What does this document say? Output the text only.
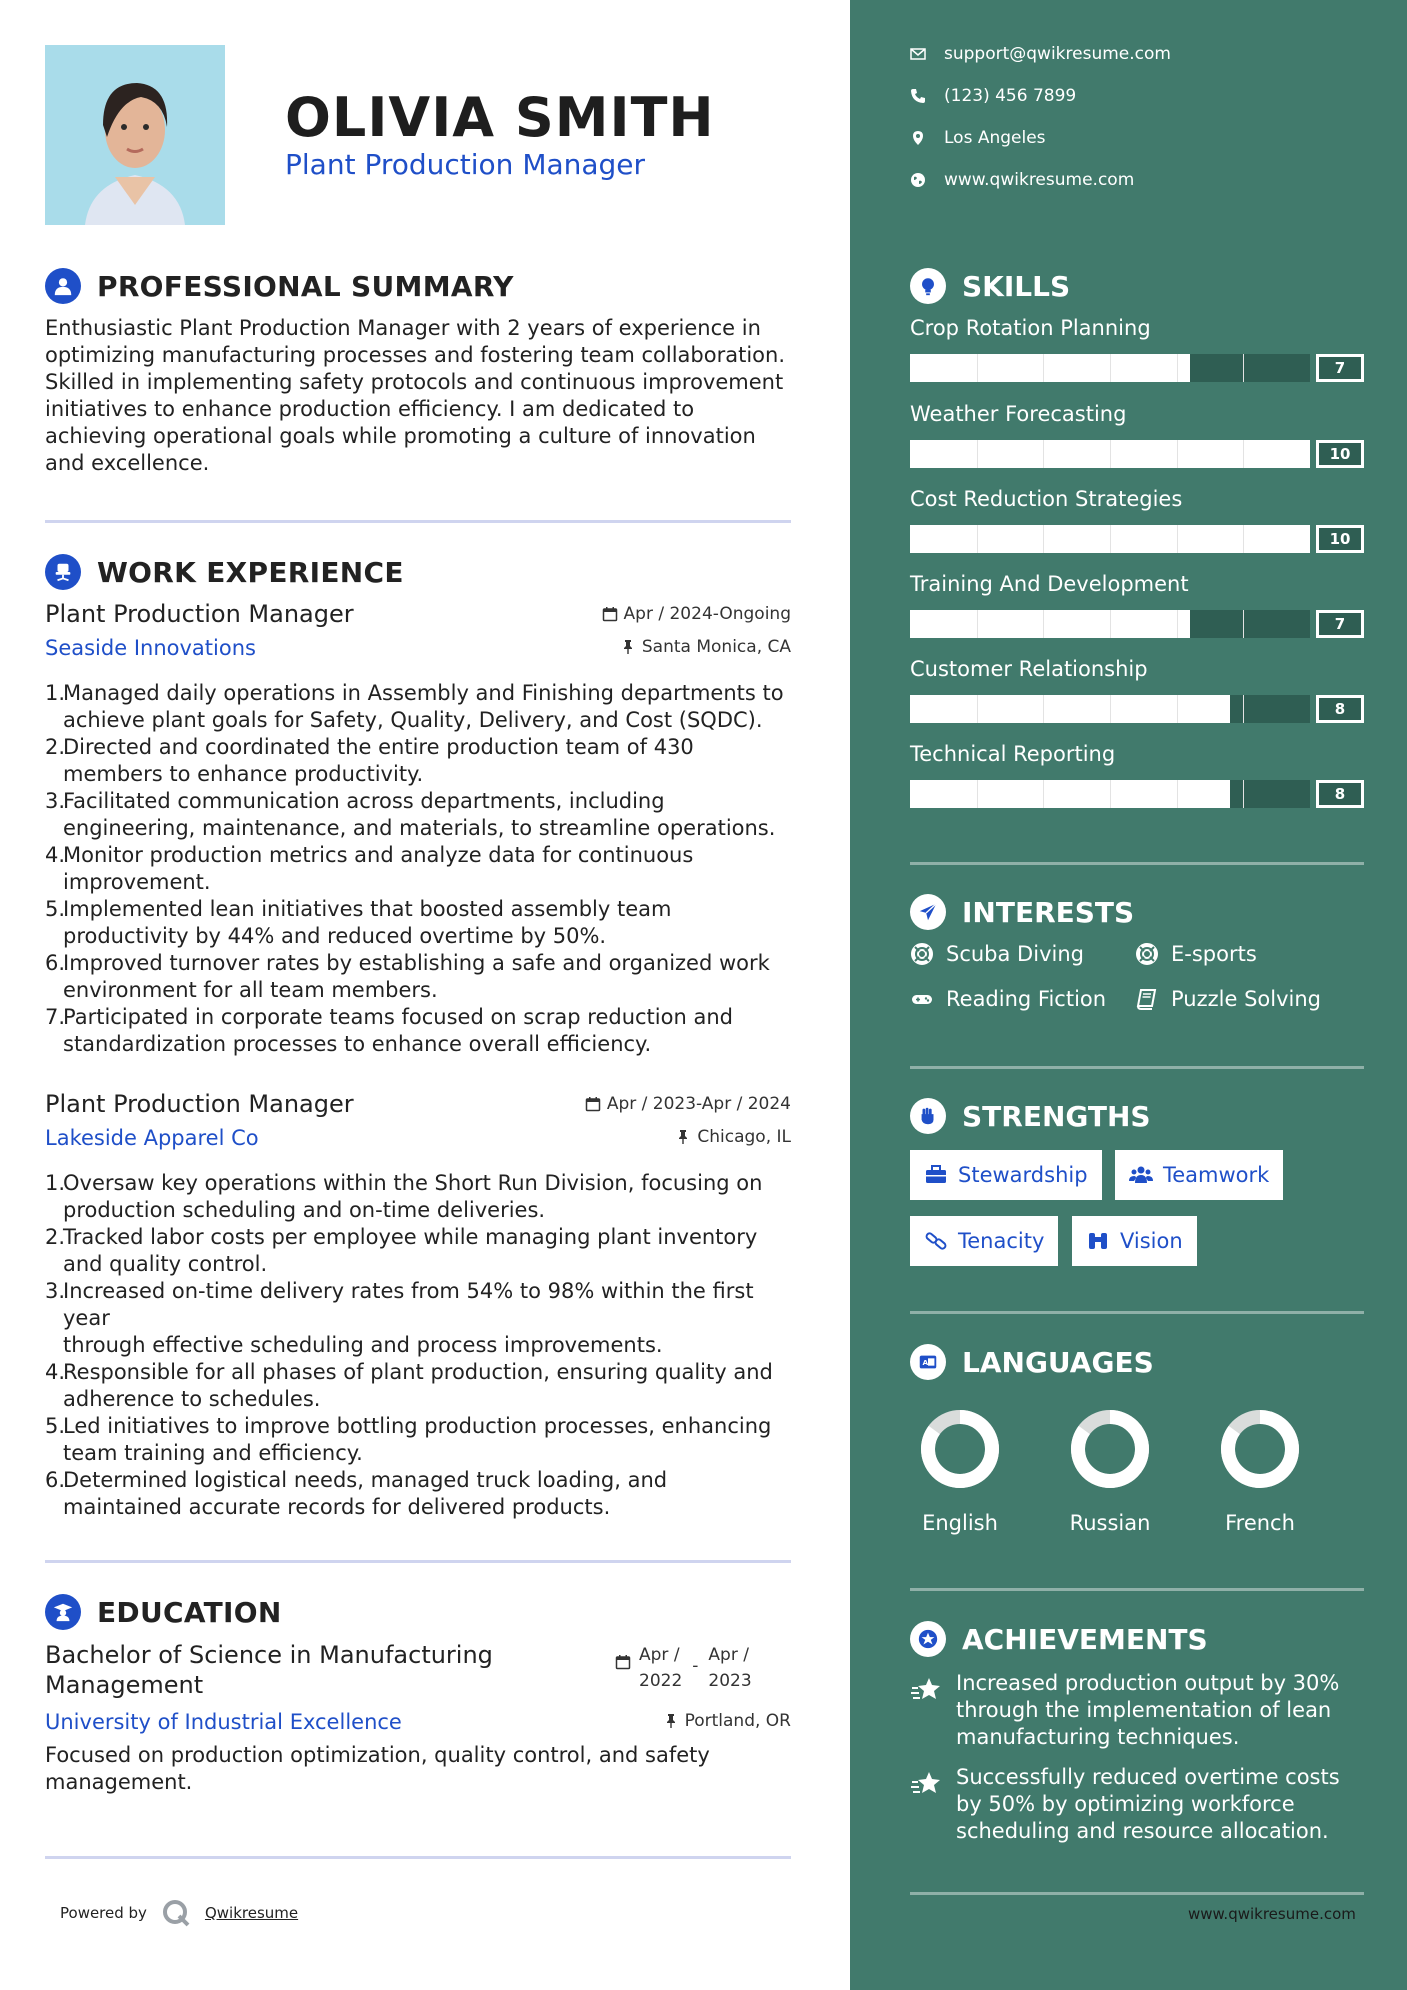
OLIVIA SMITH
Plant Production Manager
PROFESSIONAL SUMMARY
Enthusiastic Plant Production Manager with 2 years of experience in
optimizing manufacturing processes and fostering team collaboration.
Skilled in implementing safety protocols and continuous improvement
initiatives to enhance production efficiency. I am dedicated to
achieving operational goals while promoting a culture of innovation
and excellence.
WORK EXPERIENCE
Plant Production Manager	Apr / 2024-Ongoing
Seaside Innovations	Santa Monica, CA
1.
Managed daily operations in Assembly and Finishing departments to
achieve plant goals for Safety, Quality, Delivery, and Cost (SQDC).
2.
Directed and coordinated the entire production team of 430
members to enhance productivity.
3.
Facilitated communication across departments, including
engineering, maintenance, and materials, to streamline operations.
4.
Monitor production metrics and analyze data for continuous
improvement.
5.
Implemented lean initiatives that boosted assembly team
productivity by 44% and reduced overtime by 50%.
6.
Improved turnover rates by establishing a safe and organized work
environment for all team members.
7.
Participated in corporate teams focused on scrap reduction and
standardization processes to enhance overall efficiency.
Plant Production Manager	Apr / 2023-Apr / 2024
Lakeside Apparel Co	Chicago, IL
1.
Oversaw key operations within the Short Run Division, focusing on
production scheduling and on-time deliveries.
2.
Tracked labor costs per employee while managing plant inventory
and quality control.
3.
Increased on-time delivery rates from 54% to 98% within the first year
through effective scheduling and process improvements.
4.
Responsible for all phases of plant production, ensuring quality and
adherence to schedules.
5.
Led initiatives to improve bottling production processes, enhancing
team training and efficiency.
6.
Determined logistical needs, managed truck loading, and
maintained accurate records for delivered products.
EDUCATION
Bachelor of Science in Manufacturing
Management
Apr /
2022
-
Apr /
2023
University of Industrial Excellence	Portland, OR
Focused on production optimization, quality control, and safety
management.
Powered by	Qwikresume
support@qwikresume.com
(123) 456 7899
Los Angeles
www.qwikresume.com
SKILLS
Crop Rotation Planning
7
Weather Forecasting
10
Cost Reduction Strategies
10
Training And Development
7
Customer Relationship
8
Technical Reporting
8
INTERESTS
Scuba Diving	E-sports
Reading Fiction	Puzzle Solving
STRENGTHS
Stewardship	Teamwork
Tenacity	Vision
A LANGUAGES
English	Russian	French
ACHIEVEMENTS
Increased production output by 30%
through the implementation of lean
manufacturing techniques.
Successfully reduced overtime costs
by 50% by optimizing workforce
scheduling and resource allocation.
www.qwikresume.com
